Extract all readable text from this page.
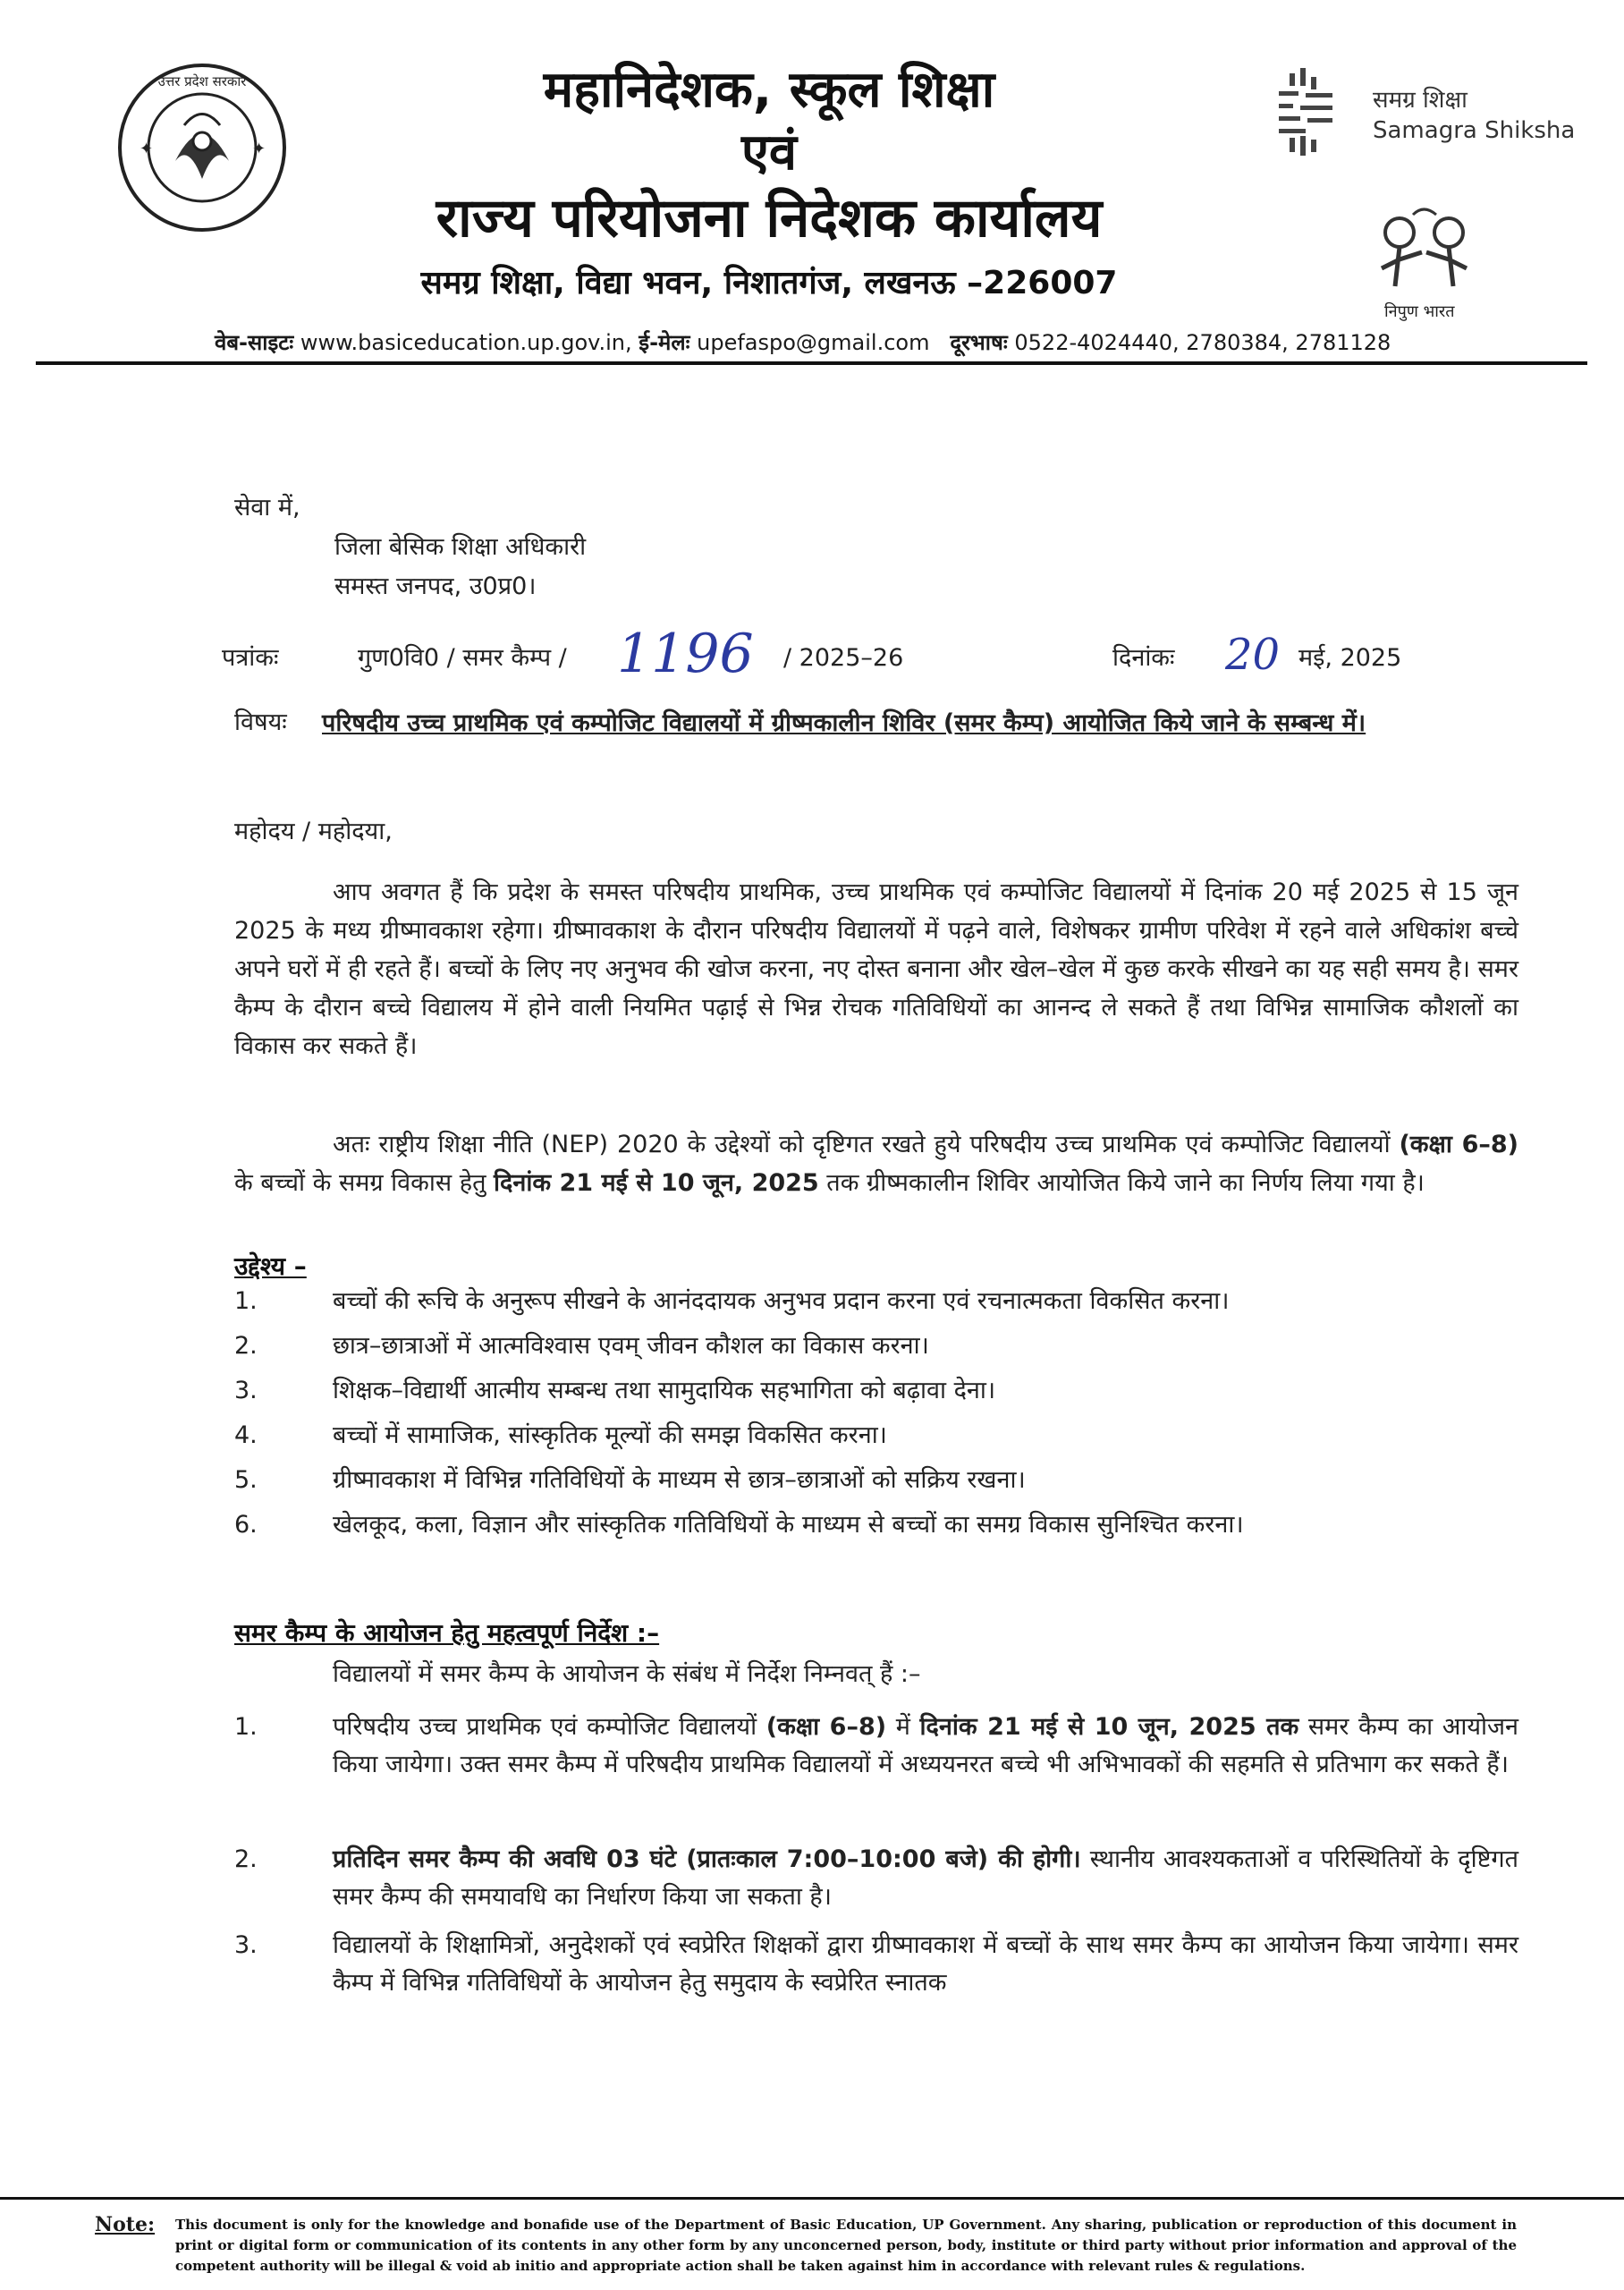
उत्तर प्रदेश सरकार
✦	✦
महानिदेशक, स्कूल शिक्षा
एवं
राज्य परियोजना निदेशक कार्यालय
समग्र शिक्षा, विद्या भवन, निशातगंज, लखनऊ –226007
वेब-साइटः www.basiceducation.up.gov.in, ई-मेलः upefaspo@gmail.com दूरभाषः 0522-4024440, 2780384, 2781128
समग्र शिक्षा
Samagra Shiksha
निपुण भारत
सेवा में,
जिला बेसिक शिक्षा अधिकारी
समस्त जनपद, उ0प्र0।
पत्रांकः	गुण0वि0 / समर कैम्प / 1196 / 2025–26	दिनांकः 20 मई, 2025
विषयः परिषदीय उच्च प्राथमिक एवं कम्पोजिट विद्यालयों में ग्रीष्मकालीन शिविर (समर कैम्प) आयोजित किये जाने के सम्बन्ध में।
महोदय / महोदया,
आप अवगत हैं कि प्रदेश के समस्त परिषदीय प्राथमिक, उच्च प्राथमिक एवं कम्पोजिट विद्यालयों में दिनांक 20 मई 2025 से 15 जून 2025 के मध्य ग्रीष्मावकाश रहेगा। ग्रीष्मावकाश के दौरान परिषदीय विद्यालयों में पढ़ने वाले, विशेषकर ग्रामीण परिवेश में रहने वाले अधिकांश बच्चे अपने घरों में ही रहते हैं। बच्चों के लिए नए अनुभव की खोज करना, नए दोस्त बनाना और खेल–खेल में कुछ करके सीखने का यह सही समय है। समर कैम्प के दौरान बच्चे विद्यालय में होने वाली नियमित पढ़ाई से भिन्न रोचक गतिविधियों का आनन्द ले सकते हैं तथा विभिन्न सामाजिक कौशलों का विकास कर सकते हैं।
अतः राष्ट्रीय शिक्षा नीति (NEP) 2020 के उद्देश्यों को दृष्टिगत रखते हुये परिषदीय उच्च प्राथमिक एवं कम्पोजिट विद्यालयों (कक्षा 6–8) के बच्चों के समग्र विकास हेतु दिनांक 21 मई से 10 जून, 2025 तक ग्रीष्मकालीन शिविर आयोजित किये जाने का निर्णय लिया गया है।
उद्देश्य –
1.	बच्चों की रूचि के अनुरूप सीखने के आनंददायक अनुभव प्रदान करना एवं रचनात्मकता विकसित करना।
2.	छात्र–छात्राओं में आत्मविश्वास एवम् जीवन कौशल का विकास करना।
3.	शिक्षक–विद्यार्थी आत्मीय सम्बन्ध तथा सामुदायिक सहभागिता को बढ़ावा देना।
4.	बच्चों में सामाजिक, सांस्कृतिक मूल्यों की समझ विकसित करना।
5.	ग्रीष्मावकाश में विभिन्न गतिविधियों के माध्यम से छात्र–छात्राओं को सक्रिय रखना।
6.	खेलकूद, कला, विज्ञान और सांस्कृतिक गतिविधियों के माध्यम से बच्चों का समग्र विकास सुनिश्चित करना।
समर कैम्प के आयोजन हेतु महत्वपूर्ण निर्देश :–
विद्यालयों में समर कैम्प के आयोजन के संबंध में निर्देश निम्नवत् हैं :–
1.	परिषदीय उच्च प्राथमिक एवं कम्पोजिट विद्यालयों (कक्षा 6–8) में दिनांक 21 मई से 10 जून, 2025 तक समर कैम्प का आयोजन किया जायेगा। उक्त समर कैम्प में परिषदीय प्राथमिक विद्यालयों में अध्ययनरत बच्चे भी अभिभावकों की सहमति से प्रतिभाग कर सकते हैं।
2.	प्रतिदिन समर कैम्प की अवधि 03 घंटे (प्रातःकाल 7:00–10:00 बजे) की होगी। स्थानीय आवश्यकताओं व परिस्थितियों के दृष्टिगत समर कैम्प की समयावधि का निर्धारण किया जा सकता है।
3.	विद्यालयों के शिक्षामित्रों, अनुदेशकों एवं स्वप्रेरित शिक्षकों द्वारा ग्रीष्मावकाश में बच्चों के साथ समर कैम्प का आयोजन किया जायेगा। समर कैम्प में विभिन्न गतिविधियों के आयोजन हेतु समुदाय के स्वप्रेरित स्नातक
Note: This document is only for the knowledge and bonafide use of the Department of Basic Education, UP Government. Any sharing, publication or reproduction of this document in print or digital form or communication of its contents in any other form by any unconcerned person, body, institute or third party without prior information and approval of the competent authority will be illegal & void ab initio and appropriate action shall be taken against him in accordance with relevant rules & regulations.
